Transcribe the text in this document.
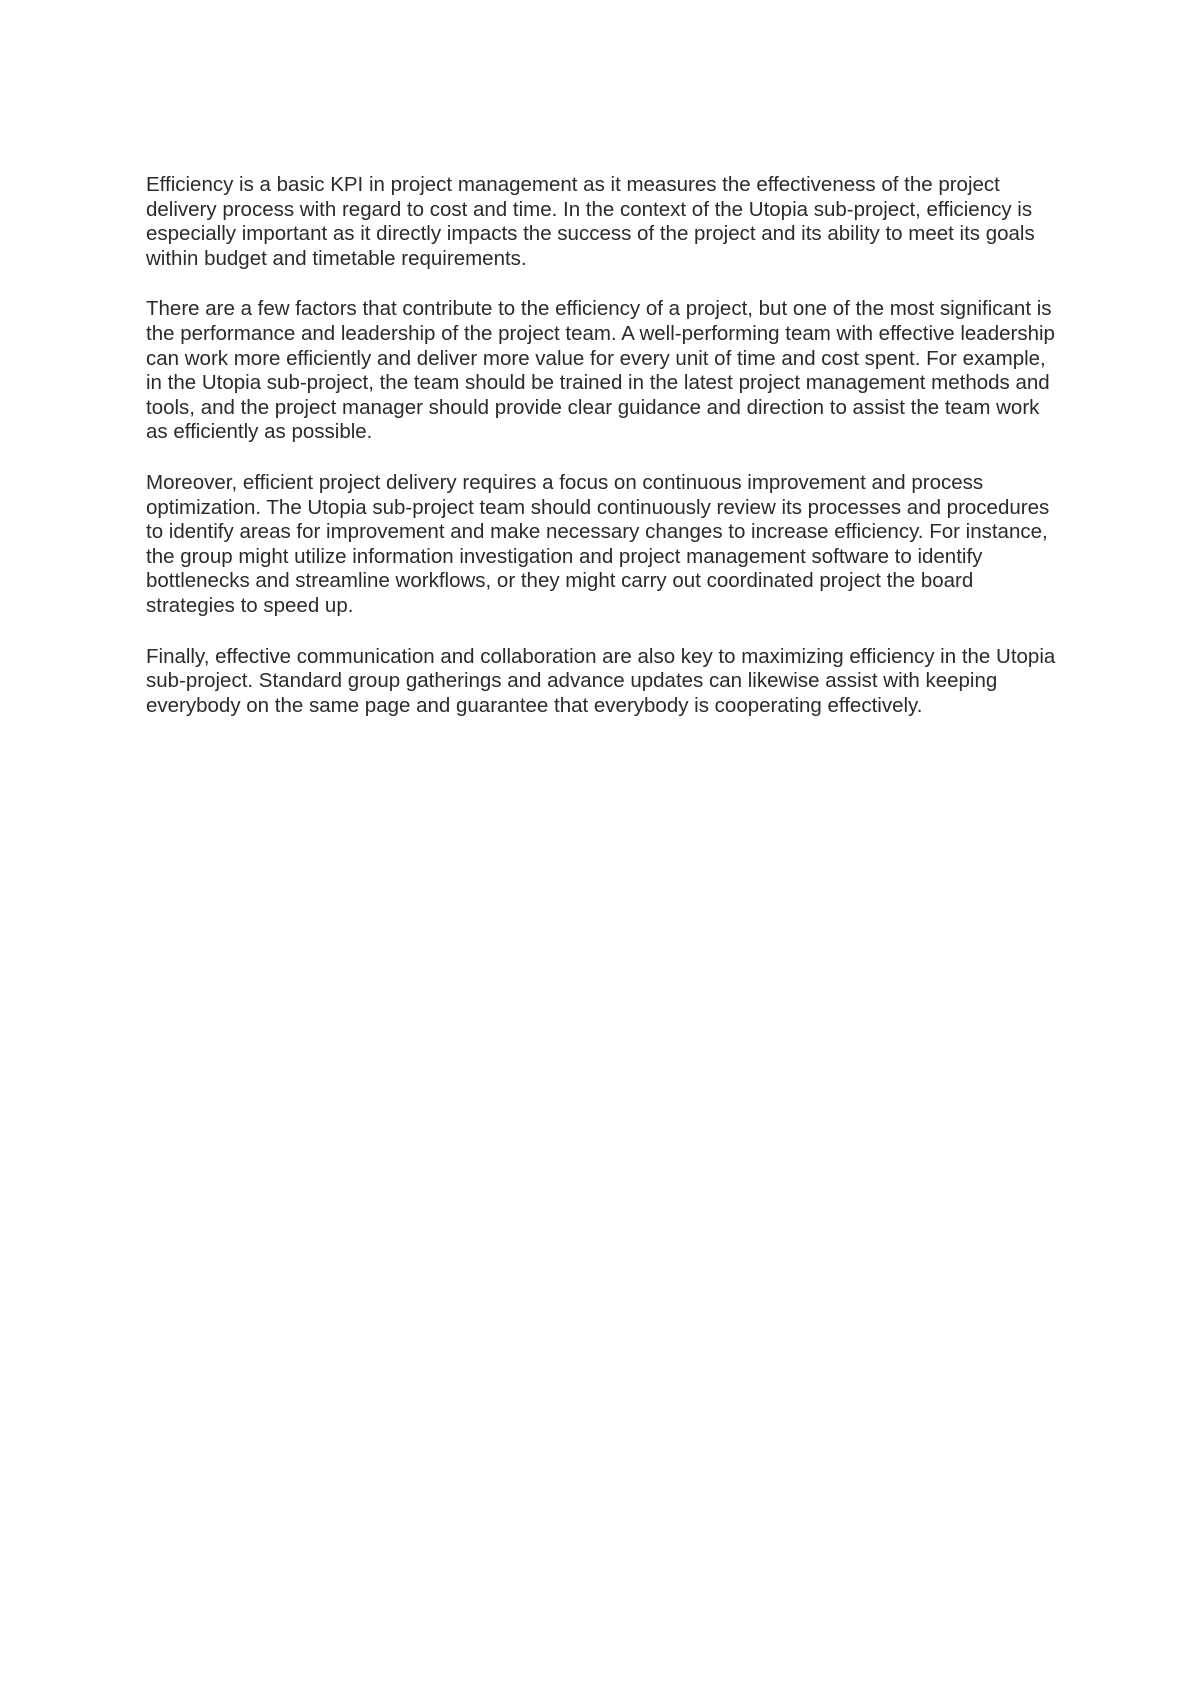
Efficiency is a basic KPI in project management as it measures the effectiveness of the project delivery process with regard to cost and time. In the context of the Utopia sub-project, efficiency is especially important as it directly impacts the success of the project and its ability to meet its goals within budget and timetable requirements.

There are a few factors that contribute to the efficiency of a project, but one of the most significant is the performance and leadership of the project team. A well-performing team with effective leadership can work more efficiently and deliver more value for every unit of time and cost spent. For example, in the Utopia sub-project, the team should be trained in the latest project management methods and tools, and the project manager should provide clear guidance and direction to assist the team work as efficiently as possible.

Moreover, efficient project delivery requires a focus on continuous improvement and process optimization. The Utopia sub-project team should continuously review its processes and procedures to identify areas for improvement and make necessary changes to increase efficiency. For instance, the group might utilize information investigation and project management software to identify bottlenecks and streamline workflows, or they might carry out coordinated project the board strategies to speed up.

Finally, effective communication and collaboration are also key to maximizing efficiency in the Utopia sub-project. Standard group gatherings and advance updates can likewise assist with keeping everybody on the same page and guarantee that everybody is cooperating effectively.
